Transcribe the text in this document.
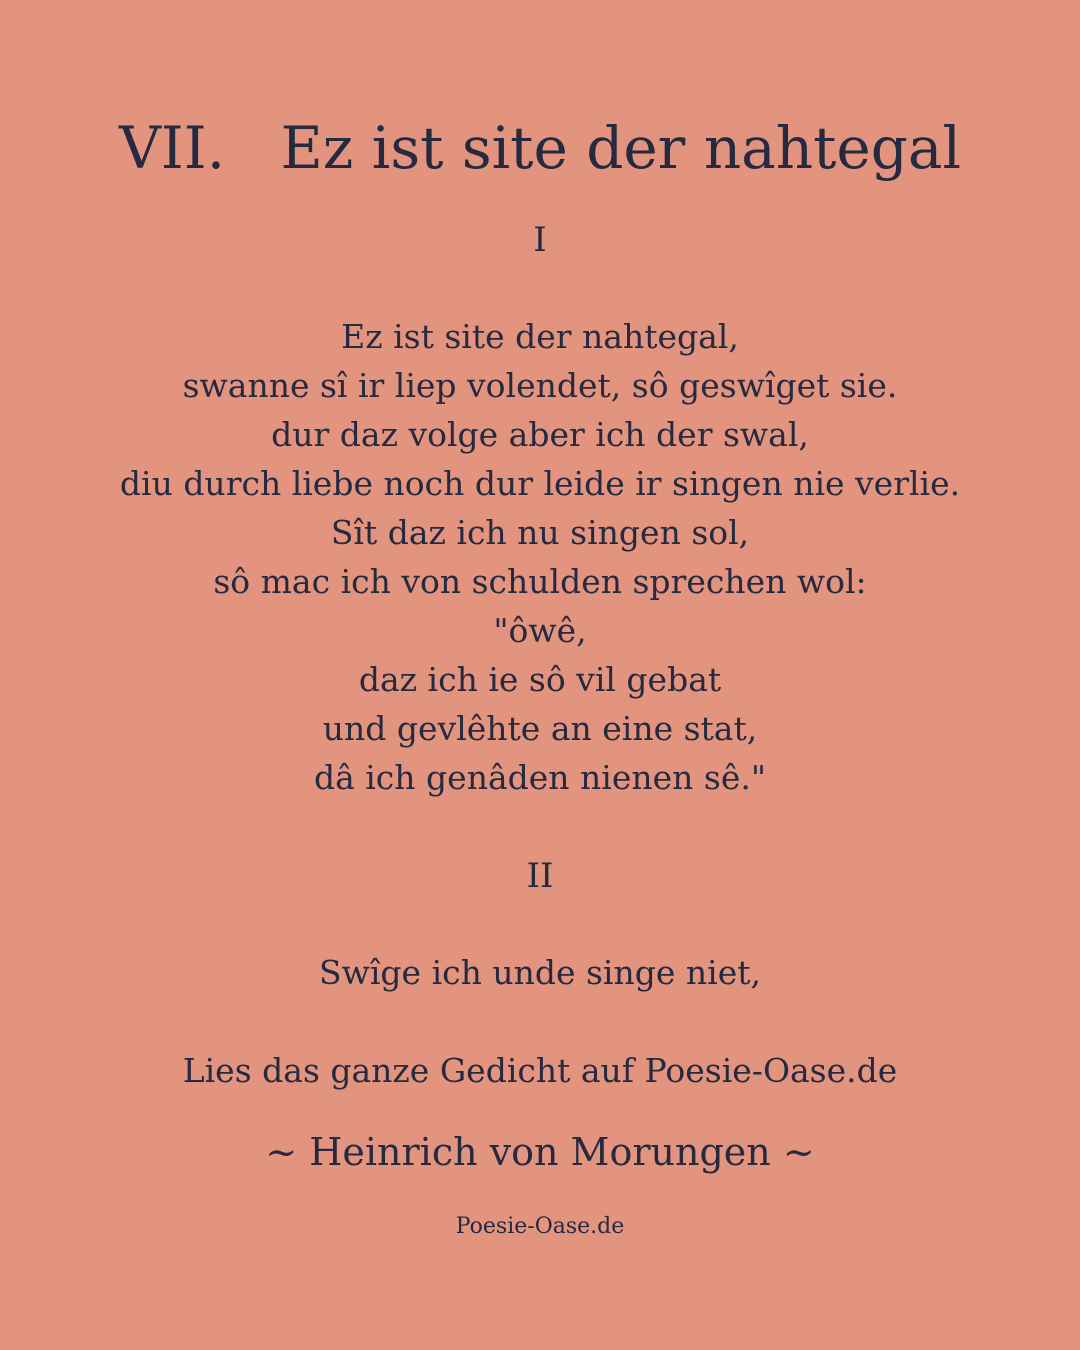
VII.   Ez ist site der nahtegal
I
Ez ist site der nahtegal,
swanne sî ir liep volendet, sô geswîget sie.
dur daz volge aber ich der swal,
diu durch liebe noch dur leide ir singen nie verlie.
Sît daz ich nu singen sol,
sô mac ich von schulden sprechen wol:
"ôwê,
daz ich ie sô vil gebat
und gevlêhte an eine stat,
dâ ich genâden nienen sê."
II
Swîge ich unde singe niet,
Lies das ganze Gedicht auf Poesie-Oase.de
~ Heinrich von Morungen ~
Poesie-Oase.de
